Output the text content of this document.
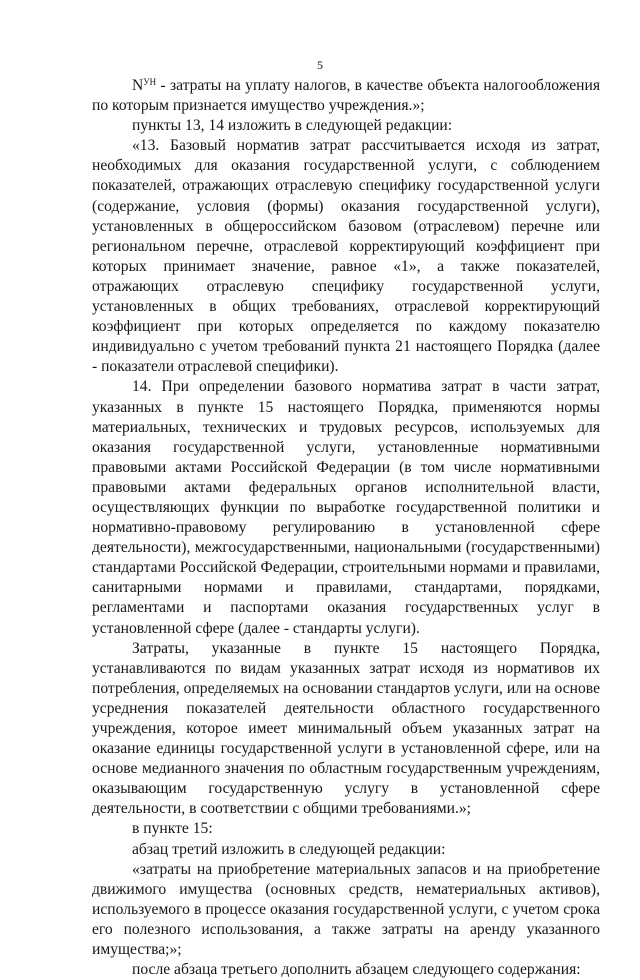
5

$N^{УН}$ - затраты на уплату налогов, в качестве объекта налогообложения по которым признается имущество учреждения.»;

пункты 13, 14 изложить в следующей редакции:

«13. Базовый норматив затрат рассчитывается исходя из затрат, необходимых для оказания государственной услуги, с соблюдением показателей, отражающих отраслевую специфику государственной услуги (содержание, условия (формы) оказания государственной услуги), установленных в общероссийском базовом (отраслевом) перечне или региональном перечне, отраслевой корректирующий коэффициент при которых принимает значение, равное «1», а также показателей, отражающих отраслевую специфику государственной услуги, установленных в общих требованиях, отраслевой корректирующий коэффициент при которых определяется по каждому показателю индивидуально с учетом требований пункта 21 настоящего Порядка (далее - показатели отраслевой специфики).

14. При определении базового норматива затрат в части затрат, указанных в пункте 15 настоящего Порядка, применяются нормы материальных, технических и трудовых ресурсов, используемых для оказания государственной услуги, установленные нормативными правовыми актами Российской Федерации (в том числе нормативными правовыми актами федеральных органов исполнительной власти, осуществляющих функции по выработке государственной политики и нормативно-правовому регулированию в установленной сфере деятельности), межгосударственными, национальными (государственными) стандартами Российской Федерации, строительными нормами и правилами, санитарными нормами и правилами, стандартами, порядками, регламентами и паспортами оказания государственных услуг в установленной сфере (далее - стандарты услуги).

Затраты, указанные в пункте 15 настоящего Порядка, устанавливаются по видам указанных затрат исходя из нормативов их потребления, определяемых на основании стандартов услуги, или на основе усреднения показателей деятельности областного государственного учреждения, которое имеет минимальный объем указанных затрат на оказание единицы государственной услуги в установленной сфере, или на основе медианного значения по областным государственным учреждениям, оказывающим государственную услугу в установленной сфере деятельности, в соответствии с общими требованиями.»;

в пункте 15:

абзац третий изложить в следующей редакции:

«затраты на приобретение материальных запасов и на приобретение движимого имущества (основных средств, нематериальных активов), используемого в процессе оказания государственной услуги, с учетом срока его полезного использования, а также затраты на аренду указанного имущества;»;

после абзаца третьего дополнить абзацем следующего содержания:
